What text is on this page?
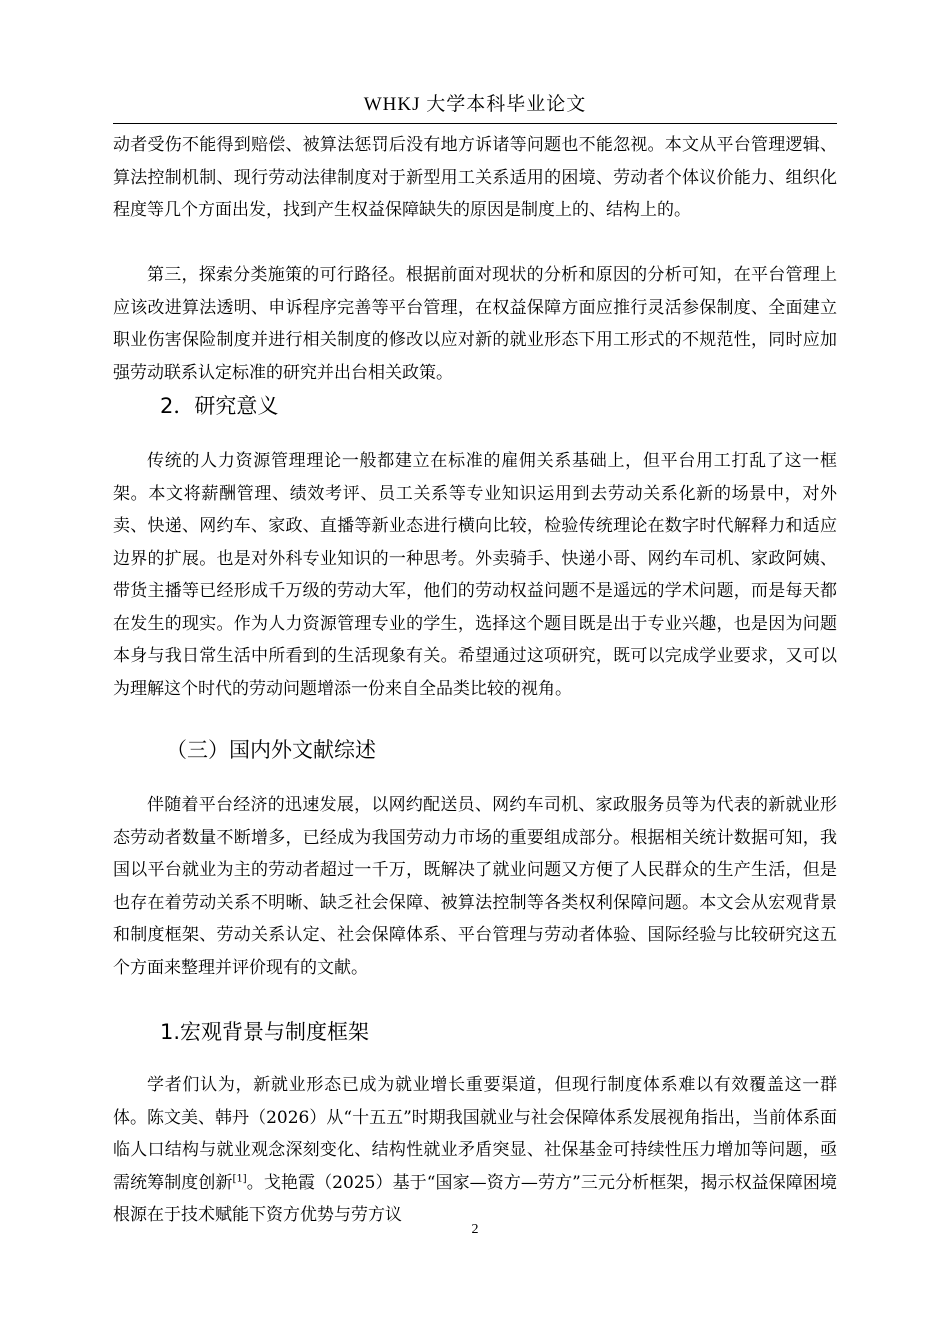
WHKJ 大学本科毕业论文
动者受伤不能得到赔偿、被算法惩罚后没有地方诉诸等问题也不能忽视。本文从平台管理逻辑、算法控制机制、现行劳动法律制度对于新型用工关系适用的困境、劳动者个体议价能力、组织化程度等几个方面出发，找到产生权益保障缺失的原因是制度上的、结构上的。
第三，探索分类施策的可行路径。根据前面对现状的分析和原因的分析可知，在平台管理上应该改进算法透明、申诉程序完善等平台管理，在权益保障方面应推行灵活参保制度、全面建立职业伤害保险制度并进行相关制度的修改以应对新的就业形态下用工形式的不规范性，同时应加强劳动联系认定标准的研究并出台相关政策。
2．研究意义
传统的人力资源管理理论一般都建立在标准的雇佣关系基础上，但平台用工打乱了这一框架。本文将薪酬管理、绩效考评、员工关系等专业知识运用到去劳动关系化新的场景中，对外卖、快递、网约车、家政、直播等新业态进行横向比较，检验传统理论在数字时代解释力和适应边界的扩展。也是对外科专业知识的一种思考。外卖骑手、快递小哥、网约车司机、家政阿姨、带货主播等已经形成千万级的劳动大军，他们的劳动权益问题不是遥远的学术问题，而是每天都在发生的现实。作为人力资源管理专业的学生，选择这个题目既是出于专业兴趣，也是因为问题本身与我日常生活中所看到的生活现象有关。希望通过这项研究，既可以完成学业要求，又可以为理解这个时代的劳动问题增添一份来自全品类比较的视角。
（三）国内外文献综述
伴随着平台经济的迅速发展，以网约配送员、网约车司机、家政服务员等为代表的新就业形态劳动者数量不断增多，已经成为我国劳动力市场的重要组成部分。根据相关统计数据可知，我国以平台就业为主的劳动者超过一千万，既解决了就业问题又方便了人民群众的生产生活，但是也存在着劳动关系不明晰、缺乏社会保障、被算法控制等各类权利保障问题。本文会从宏观背景和制度框架、劳动关系认定、社会保障体系、平台管理与劳动者体验、国际经验与比较研究这五个方面来整理并评价现有的文献。
1.宏观背景与制度框架
学者们认为，新就业形态已成为就业增长重要渠道，但现行制度体系难以有效覆盖这一群体。陈文美、韩丹（2026）从“十五五”时期我国就业与社会保障体系发展视角指出，当前体系面临人口结构与就业观念深刻变化、结构性就业矛盾突显、社保基金可持续性压力增加等问题，亟需统筹制度创新[1]。戈艳霞（2025）基于“国家—资方—劳方”三元分析框架，揭示权益保障困境根源在于技术赋能下资方优势与劳方议
2
